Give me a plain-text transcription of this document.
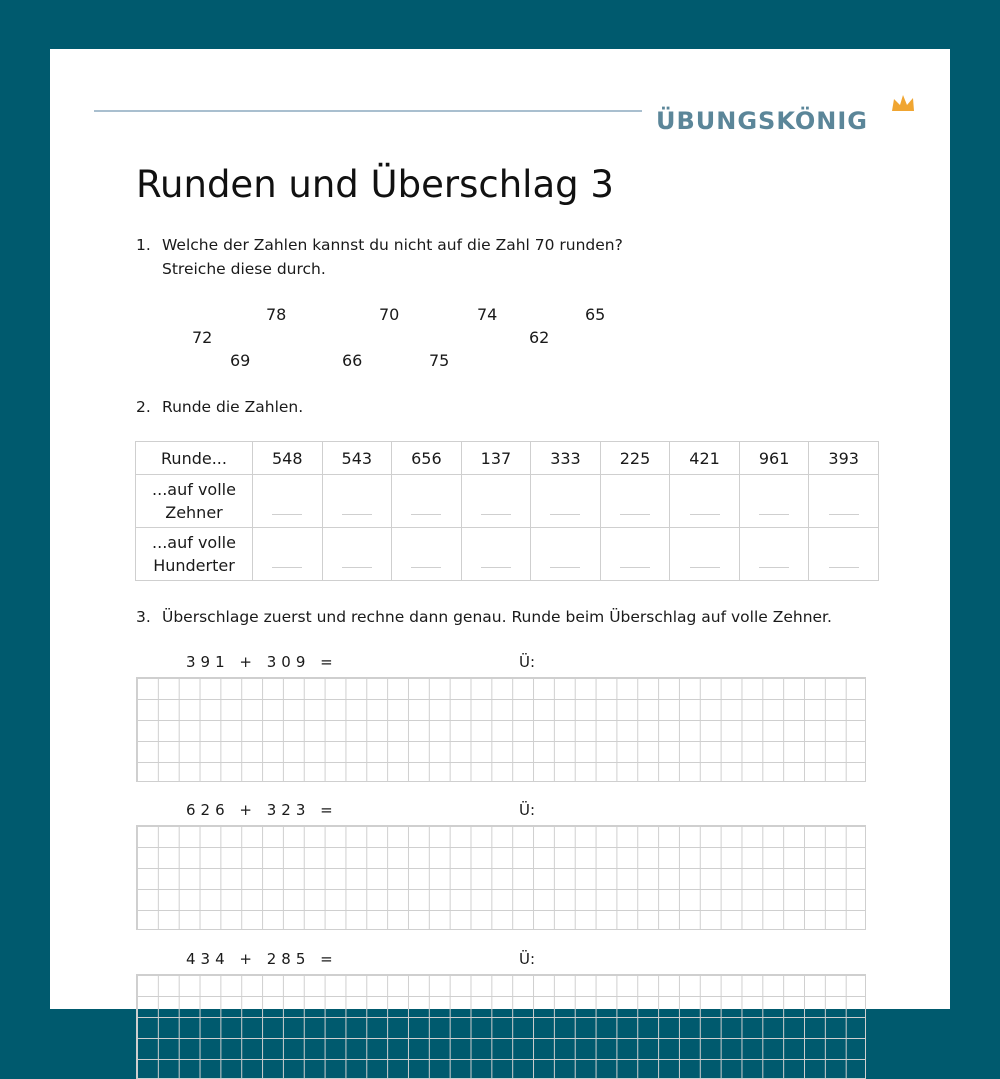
ÜBUNGSKÖNIG
Runden und Überschlag 3
1. Welche der Zahlen kannst du nicht auf die Zahl 70 runden?
Streiche diese durch.
78	70	74	65
72	62
69	66	75
2. Runde die Zahlen.
Runde...	548	543	656	137	333	225	421	961	393

...auf volle
Zehner									

...auf volle
Hunderter									

3. Überschlage zuerst und rechne dann genau. Runde beim Überschlag auf volle Zehner.
391 + 309 =	Ü:
626 + 323 =	Ü:
434 + 285 =	Ü:
